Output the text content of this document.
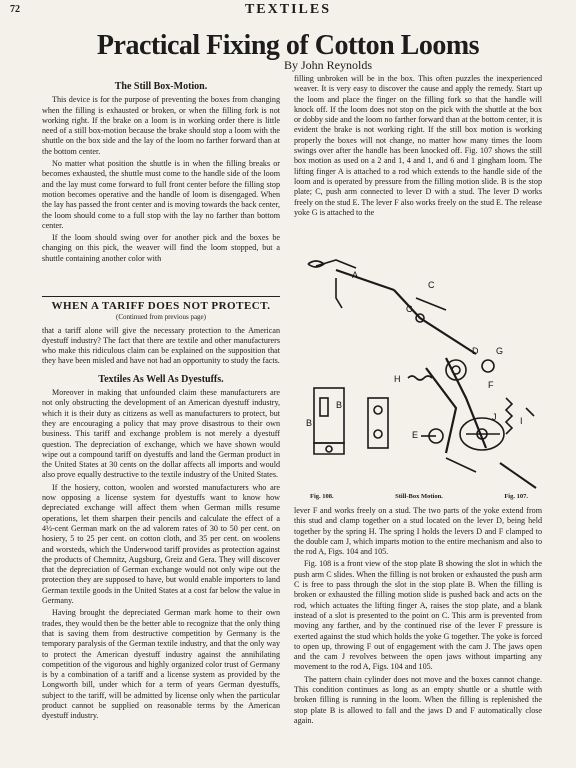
72	TEXTILES
Practical Fixing of Cotton Looms
By John Reynolds
The Still Box-Motion.

This device is for the purpose of preventing the boxes from changing when the filling is exhausted or broken, or when the filling fork is not working right. If the brake on a loom is in working order there is little need of a still box-motion because the brake should stop a loom with the shuttle on the box side and the lay of the loom no farther forward than at the bottom center.

No matter what position the shuttle is in when the filling breaks or becomes exhausted, the shuttle must come to the handle side of the loom and the lay must come forward to full front center before the filling stop motion becomes operative and the handle of loom is disengaged. When the lay has passed the front center and is moving towards the back center, the loom should come to a full stop with the lay no farther than bottom center.

If the loom should swing over for another pick and the boxes be changing on this pick, the weaver will find the loom stopped, but a shuttle containing another color with

WHEN A TARIFF DOES NOT PROTECT.
(Continued from previous page)

that a tariff alone will give the necessary protection to the American dyestuff industry? The fact that there are textile and other manufacturers who make this ridiculous claim can be explained on the supposition that they have been misled and have not had an opportunity to study the facts.

Textiles As Well As Dyestuffs.

Moreover in making that unfounded claim these manufacturers are not only obstructing the development of an American dyestuff industry, which it is their duty as citizens as well as manufacturers to protect, but they are encouraging a policy that may prove disastrous to their own business. This tariff and exchange problem is not merely a dyestuff question. The depreciation of exchange, which we have shown would wipe out a compound tariff on dyestuffs and land the German product in the United States at 30 cents on the dollar affects all imports and would also prove equally destructive to the textile industry of the United States.

If the hosiery, cotton, woolen and worsted manufacturers who are now opposing a license system for dyestuffs want to know how depreciated exchange will affect them when German mills resume operations, let them sharpen their pencils and calculate the effect of a 4½-cent German mark on the ad valorem rates of 30 to 50 per cent. on hosiery, 5 to 25 per cent. on cotton cloth, and 35 per cent. on woolens and worsteds, which the Underwood tariff provides as protection against the products of Chemnitz, Augsburg, Greiz and Gera. They will discover that the depreciation of German exchange would not only wipe out the protection they are supposed to have, but would enable importers to land German textile goods in the United States at a cost far below the value in Germany.

Having brought the depreciated German mark home to their own trades, they would then be the better able to recognize that the only thing that is saving them from destructive competition by Germany is the temporary paralysis of the German textile industry, and that the only way to protect the American dyestuff industry against the annihilating competition of the vigorous and highly organized color trust of Germany is by a combination of a tariff and a license system as provided by the Longworth bill, under which for a term of years German dyestuffs, subject to the tariff, will be admitted by license only when the particular product cannot be supplied on reasonable terms by the American dyestuff industry.

filling unbroken will be in the box. This often puzzles the inexperienced weaver. It is very easy to discover the cause and apply the remedy. Start up the loom and place the finger on the filling fork so that the handle will knock off. If the loom does not stop on the pick with the shuttle at the box or dobby side and the loom no farther forward than at the bottom center, it is evident the brake is not working right. If the still box motion is working properly the boxes will not change, no matter how many times the loom swings over after the handle has been knocked off. Fig. 107 shows the still box motion as used on a 2 and 1, 4 and 1, and 6 and 1 gingham loom. The lifting finger A is attached to a rod which extends to the handle side of the loom and is operated by pressure from the filling motion slide. B is the stop plate; C, push arm connected to lever D with a stud. The lever D works freely on the stud E. The lever F also works freely on the stud E. The release yoke G is attached to the

A
B
C
D
E
F
G
H
I
J
B
C
Fig. 108.	Still-Box Motion.	Fig. 107.

lever F and works freely on a stud. The two parts of the yoke extend from this stud and clamp together on a stud located on the lever D, being held together by the spring H. The spring I holds the levers D and F clamped to the double cam J, which imparts motion to the entire mechanism and also to the rod A, Figs. 104 and 105.

Fig. 108 is a front view of the stop plate B showing the slot in which the push arm C slides. When the filling is not broken or exhausted the push arm C is free to pass through the slot in the stop plate B. When the filling is broken or exhausted the filling motion slide is pushed back and acts on the rod, which actuates the lifting finger A, raises the stop plate, and a blank instead of a slot is presented to the point on C. This arm is prevented from moving any farther, and by the continued rise of the lever F pressure is exerted against the stud which holds the yoke G together. The yoke is forced to open up, throwing F out of engagement with the cam J. The jaws open and the cam J revolves between the open jaws without imparting any movement to the rod A, Figs. 104 and 105.

The pattern chain cylinder does not move and the boxes cannot change. This condition continues as long as an empty shuttle or a shuttle with broken filling is running in the loom. When the filling is replenished the stop plate B is allowed to fall and the jaws D and F automatically close again.
